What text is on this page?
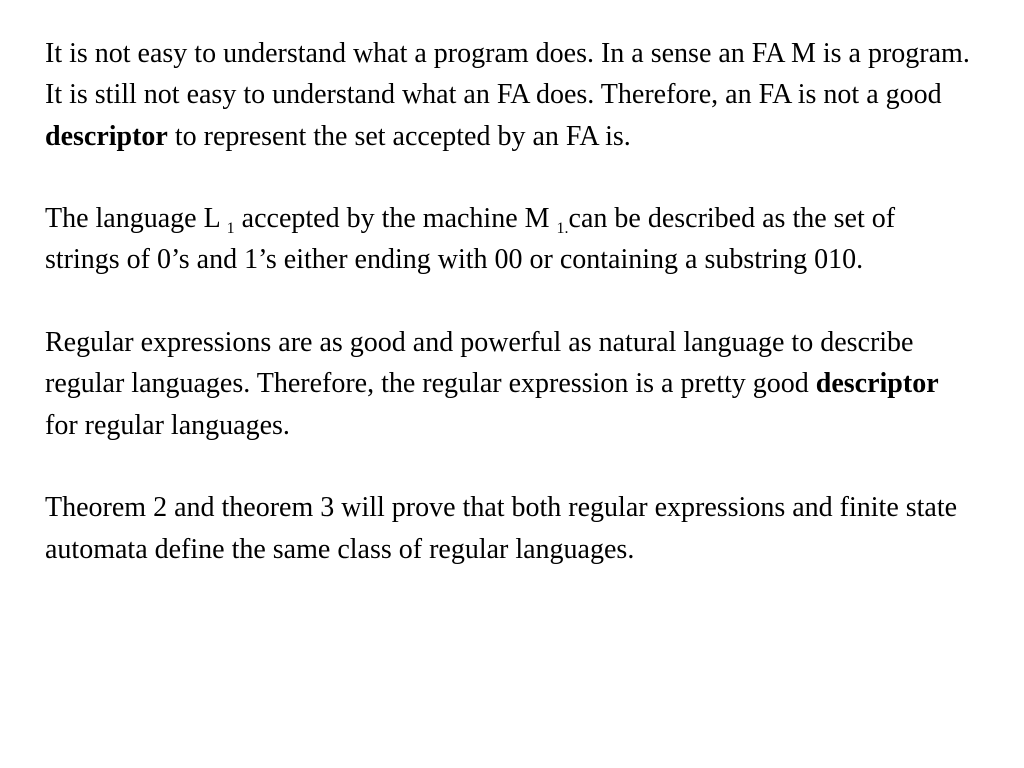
It is not easy to understand what a program does. In a sense an FA M is a program. It is still not easy to understand what an FA does. Therefore, an FA is not a good descriptor to represent the set accepted by an FA is.

The language L $_1$ accepted by the machine M $_{1.}$can be described as the set of strings of 0’s and 1’s either ending with 00 or containing a substring 010.

Regular expressions are as good and powerful as natural language to describe regular languages. Therefore, the regular expression is a pretty good descriptor for regular languages.

Theorem 2 and theorem 3 will prove that both regular expressions and finite state automata define the same class of regular languages.
